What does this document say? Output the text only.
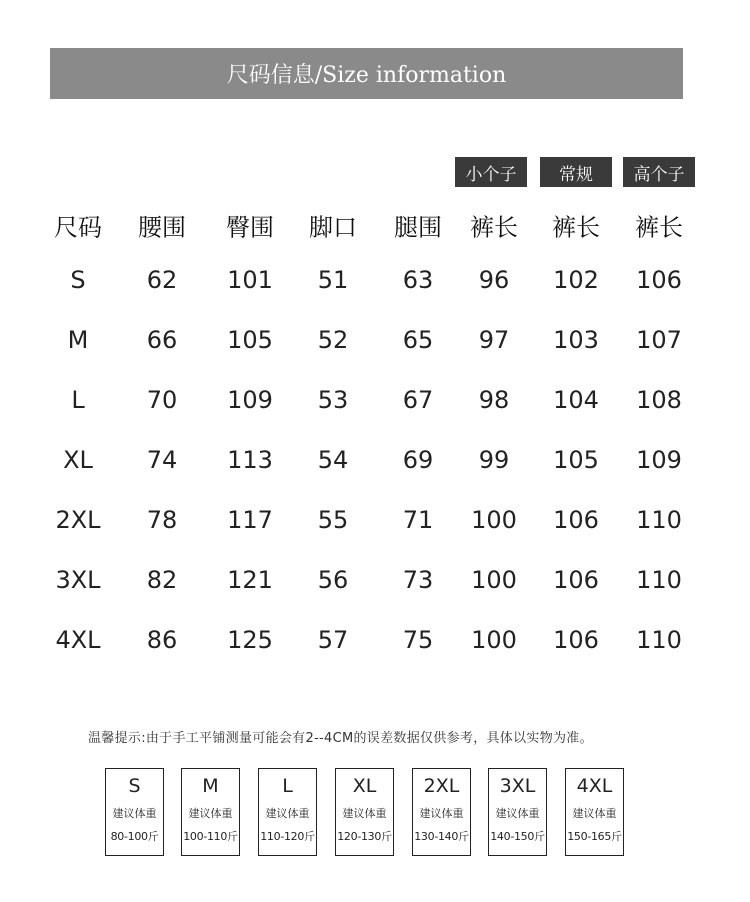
尺码信息/Size information
小个子	常规	高个子
尺码 腰围 臀围 脚口 腿围 裤长 裤长 裤长
S	62 101 51 63 96 102 106
M 66 105 52 65 97 103 107
L	70 109 53 67 98 104 108
XL 74 113 54 69 99 105 109
2XL 78 117 55 71 100 106 110
3XL 82 121 56 73 100 106 110
4XL 86 125 57 75 100 106 110
温馨提示:由于手工平铺测量可能会有2--4CM的误差数据仅供参考，具体以实物为准。
S
建议体重
80-100斤
M
建议体重
100-110斤
L
建议体重
110-120斤
XL
建议体重
120-130斤
2XL
建议体重
130-140斤
3XL
建议体重
140-150斤
4XL
建议体重
150-165斤
